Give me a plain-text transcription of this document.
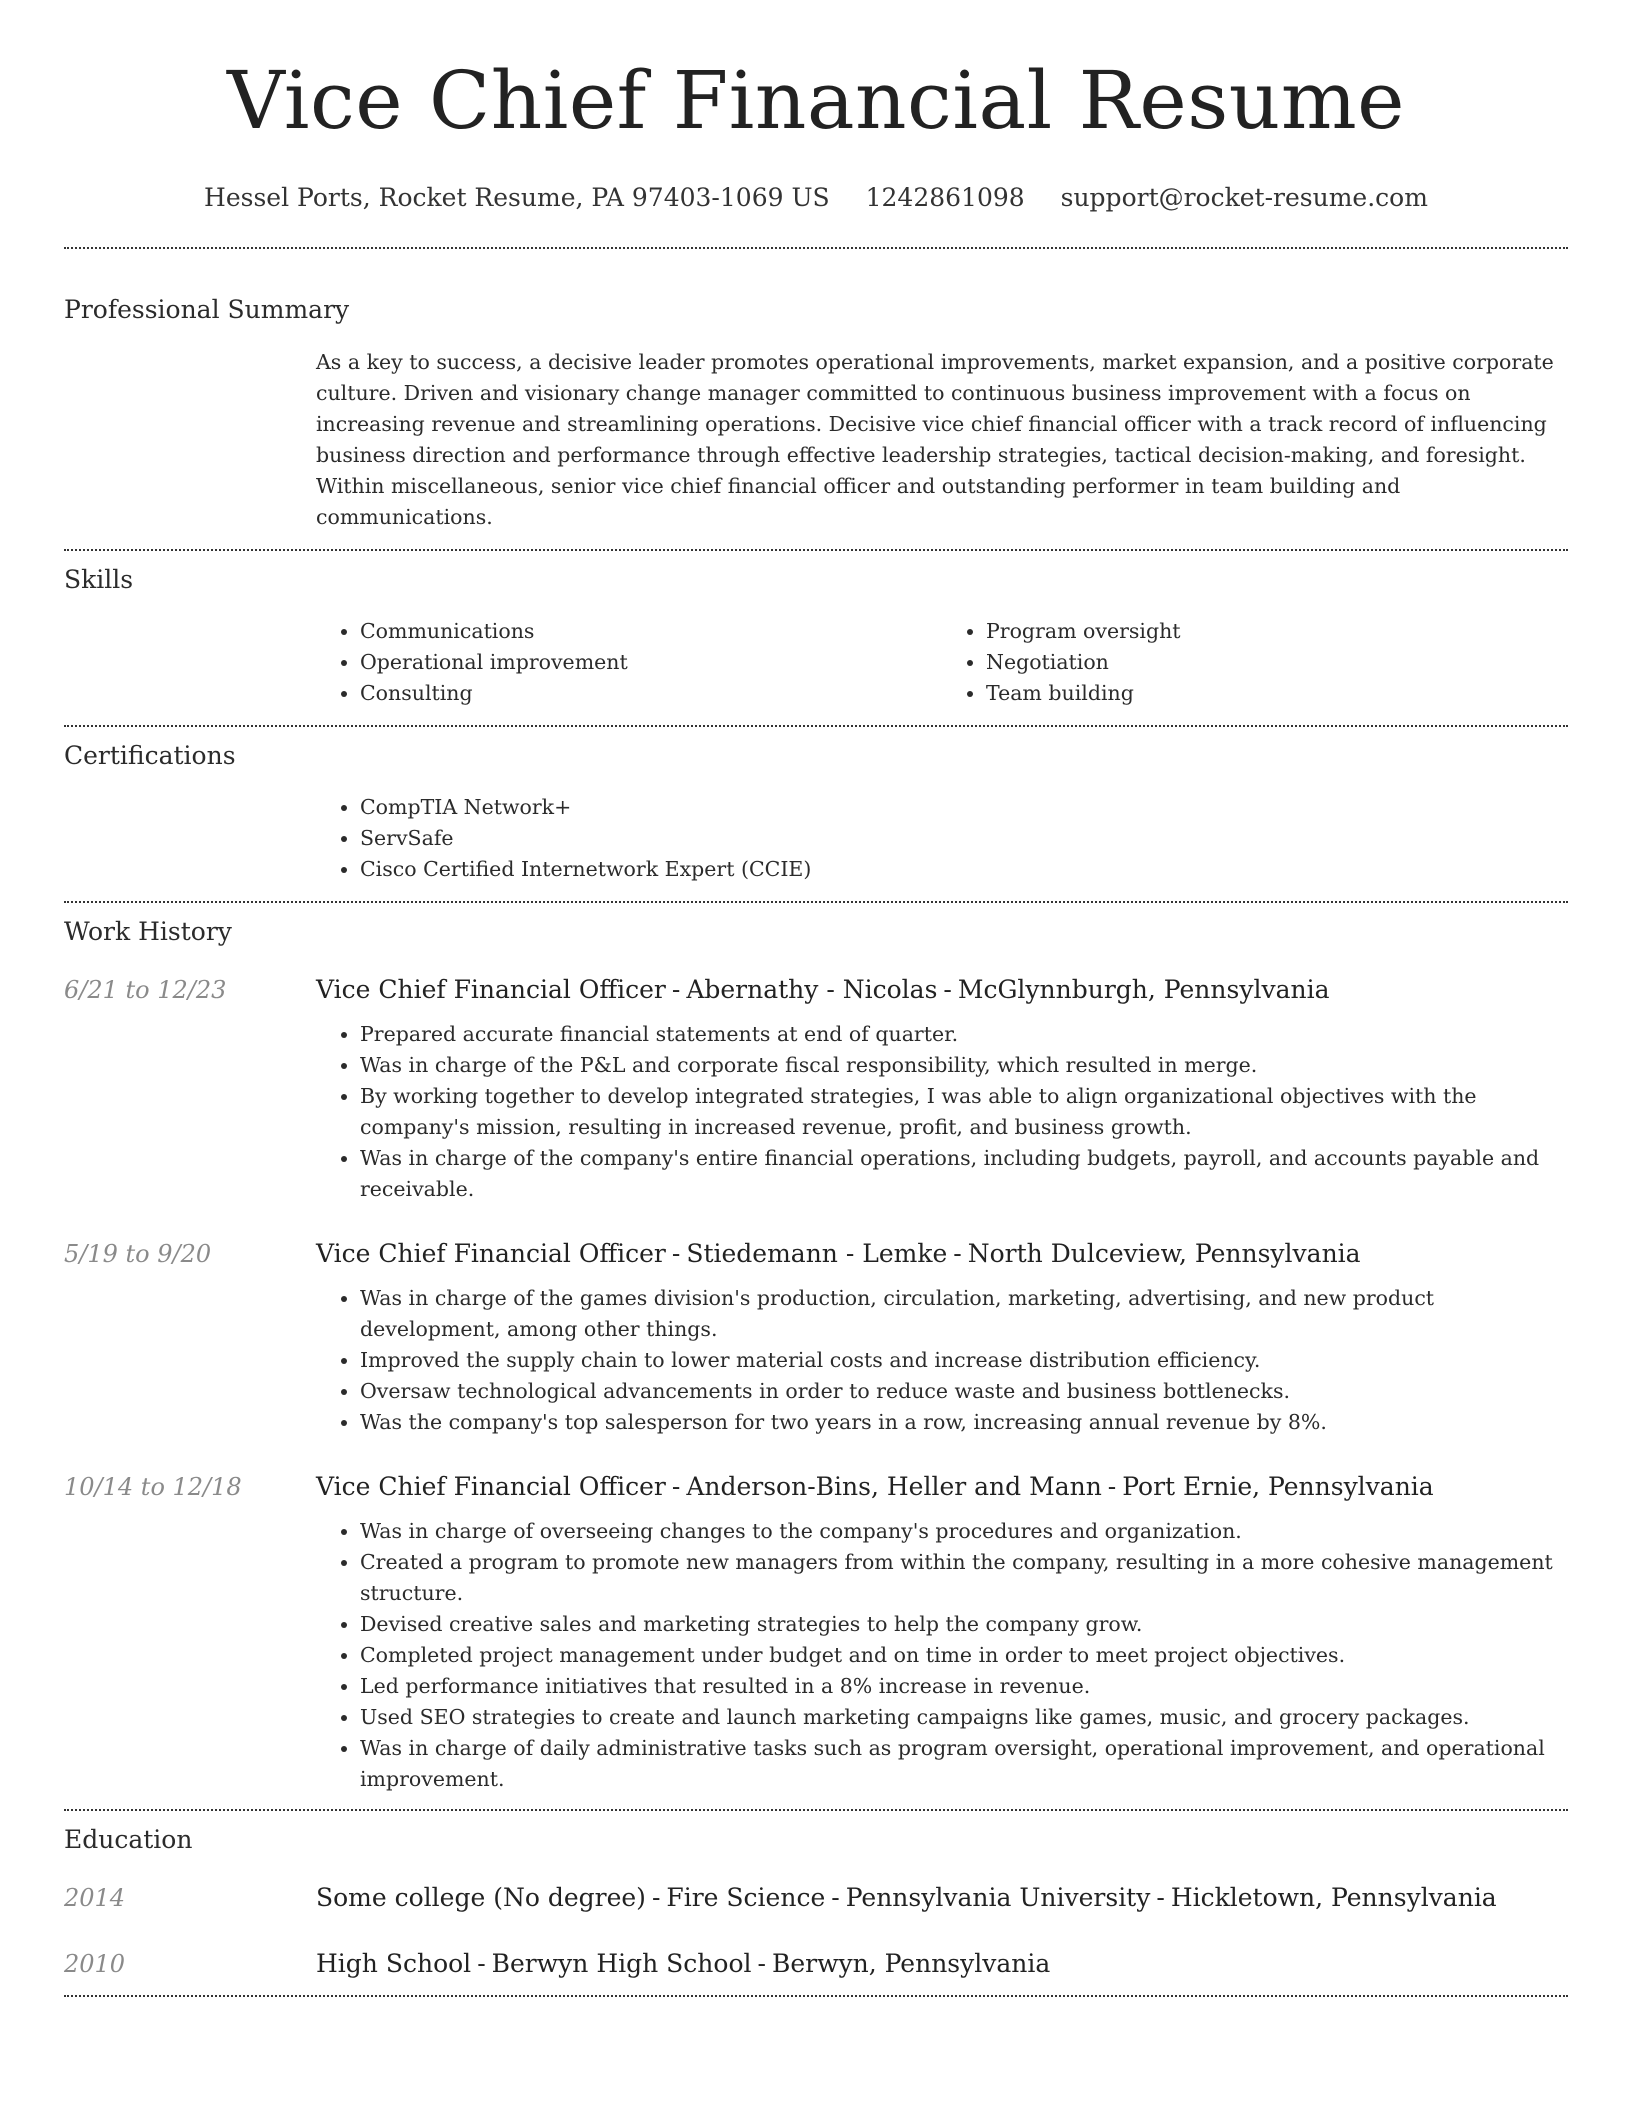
Vice Chief Financial Resume
Hessel Ports, Rocket Resume, PA 97403-1069 US 1242861098 support@rocket-resume.com
Professional Summary
As a key to success, a decisive leader promotes operational improvements, market expansion, and a positive corporate culture. Driven and visionary change manager committed to continuous business improvement with a focus on increasing revenue and streamlining operations. Decisive vice chief financial officer with a track record of influencing business direction and performance through effective leadership strategies, tactical decision-making, and foresight. Within miscellaneous, senior vice chief financial officer and outstanding performer in team building and communications.
Skills
• Communications
• Operational improvement
• Consulting
• Program oversight
• Negotiation
• Team building
Certifications
• CompTIA Network+
• ServSafe
• Cisco Certified Internetwork Expert (CCIE)
Work History
6/21 to 12/23	Vice Chief Financial Officer - Abernathy - Nicolas - McGlynnburgh, Pennsylvania
• Prepared accurate financial statements at end of quarter.
• Was in charge of the P&L and corporate fiscal responsibility, which resulted in merge.
• By working together to develop integrated strategies, I was able to align organizational objectives with the company's mission, resulting in increased revenue, profit, and business growth.
• Was in charge of the company's entire financial operations, including budgets, payroll, and accounts payable and receivable.
5/19 to 9/20	Vice Chief Financial Officer - Stiedemann - Lemke - North Dulceview, Pennsylvania
• Was in charge of the games division's production, circulation, marketing, advertising, and new product development, among other things.
• Improved the supply chain to lower material costs and increase distribution efficiency.
• Oversaw technological advancements in order to reduce waste and business bottlenecks.
• Was the company's top salesperson for two years in a row, increasing annual revenue by 8%.
10/14 to 12/18	Vice Chief Financial Officer - Anderson-Bins, Heller and Mann - Port Ernie, Pennsylvania
• Was in charge of overseeing changes to the company's procedures and organization.
• Created a program to promote new managers from within the company, resulting in a more cohesive management structure.
• Devised creative sales and marketing strategies to help the company grow.
• Completed project management under budget and on time in order to meet project objectives.
• Led performance initiatives that resulted in a 8% increase in revenue.
• Used SEO strategies to create and launch marketing campaigns like games, music, and grocery packages.
• Was in charge of daily administrative tasks such as program oversight, operational improvement, and operational improvement.
Education
2014	Some college (No degree) - Fire Science - Pennsylvania University - Hickletown, Pennsylvania
2010	High School - Berwyn High School - Berwyn, Pennsylvania
